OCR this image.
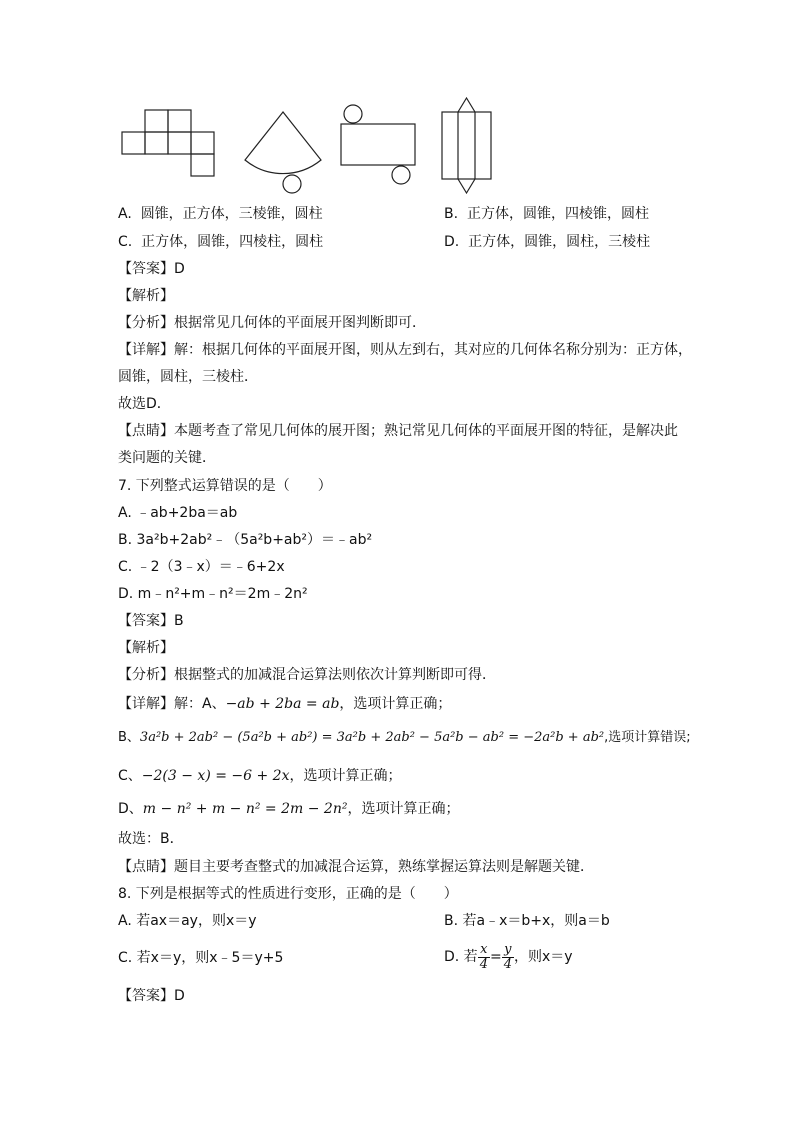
A. 圆锥，正方体，三棱锥，圆柱	B. 正方体，圆锥，四棱锥，圆柱
C. 正方体，圆锥，四棱柱，圆柱	D. 正方体，圆锥，圆柱，三棱柱
【答案】D
【解析】
【分析】根据常见几何体的平面展开图判断即可．
【详解】解：根据几何体的平面展开图，则从左到右，其对应的几何体名称分别为：正方体，
圆锥，圆柱，三棱柱．
故选D．
【点睛】本题考查了常见几何体的展开图；熟记常见几何体的平面展开图的特征，是解决此
类问题的关键．
7. 下列整式运算错误的是（　　）
A. ﹣ab+2ba＝ab
B. 3a²b+2ab²﹣（5a²b+ab²）＝﹣ab²
C. ﹣2（3﹣x）＝﹣6+2x
D. m﹣n²+m﹣n²＝2m﹣2n²
【答案】B
【解析】
【分析】根据整式的加减混合运算法则依次计算判断即可得．
【详解】解：A、−ab + 2ba = ab，选项计算正确；
B、3a²b + 2ab² − (5a²b + ab²) = 3a²b + 2ab² − 5a²b − ab² = −2a²b + ab²,选项计算错误;
C、−2(3 − x) = −6 + 2x，选项计算正确；
D、m − n² + m − n² = 2m − 2n²，选项计算正确；
故选：B．
【点睛】题目主要考查整式的加减混合运算，熟练掌握运算法则是解题关键．
8. 下列是根据等式的性质进行变形，正确的是（　　）
A. 若ax＝ay，则x＝y	B. 若a﹣x＝b+x，则a＝b
C. 若x＝y，则x﹣5＝y+5	D. 若 $\frac{x}{4} = \frac{y}{4}$ ，则x＝y
【答案】D
